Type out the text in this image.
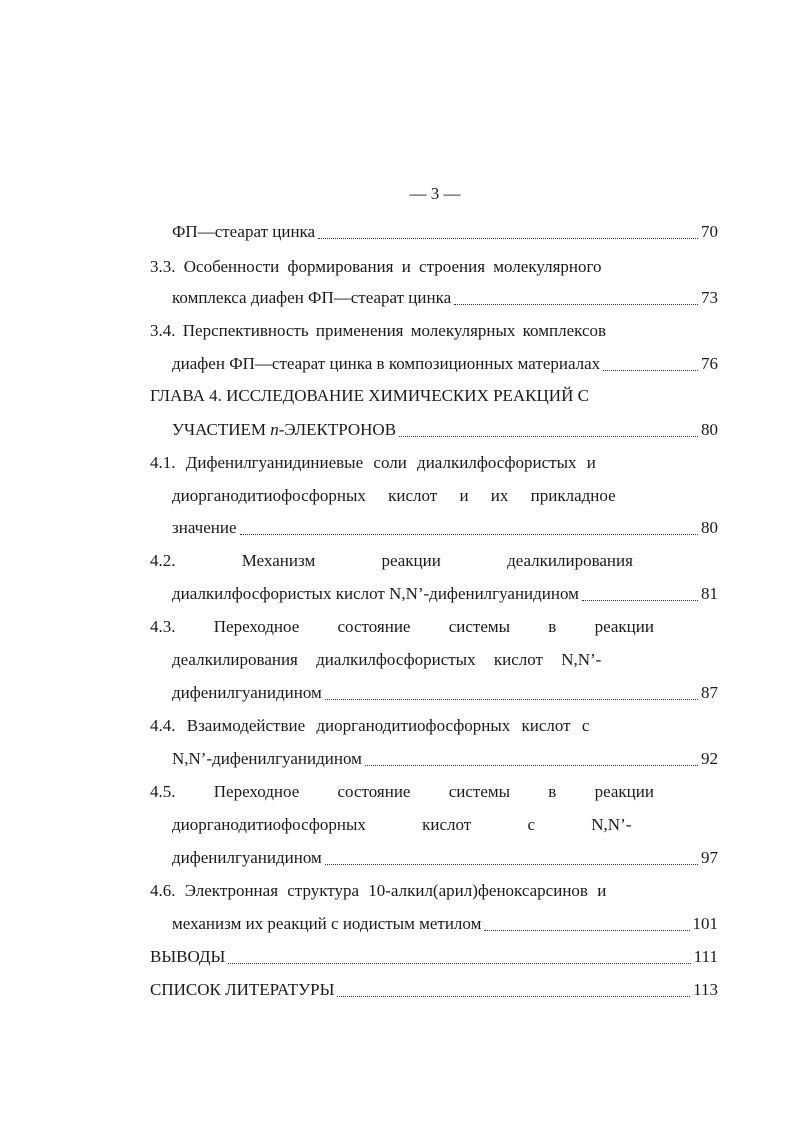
— 3 —
ФП—стеарат цинка	70
3.3. Особенности формирования и строения молекулярного
комплекса диафен ФП—стеарат цинка	73
3.4. Перспективность применения молекулярных комплексов
диафен ФП—стеарат цинка в композиционных материалах	76
ГЛАВА 4. ИССЛЕДОВАНИЕ ХИМИЧЕСКИХ РЕАКЦИЙ С
УЧАСТИЕМ n-ЭЛЕКТРОНОВ	80
4.1. Дифенилгуанидиниевые соли диалкилфосфористых и
диорганодитиофосфорных кислот и их прикладное
значение	80
4.2. Механизм реакции деалкилирования
диалкилфосфористых кислот N,N’-дифенилгуанидином	81
4.3. Переходное состояние системы в реакции
деалкилирования диалкилфосфористых кислот N,N’-
дифенилгуанидином	87
4.4. Взаимодействие диорганодитиофосфорных кислот с
N,N’-дифенилгуанидином	92
4.5. Переходное состояние системы в реакции
диорганодитиофосфорных кислот с N,N’-
дифенилгуанидином	97
4.6. Электронная структура 10-алкил(арил)феноксарсинов и
механизм их реакций с иодистым метилом	101
ВЫВОДЫ	111
СПИСОК ЛИТЕРАТУРЫ	113
